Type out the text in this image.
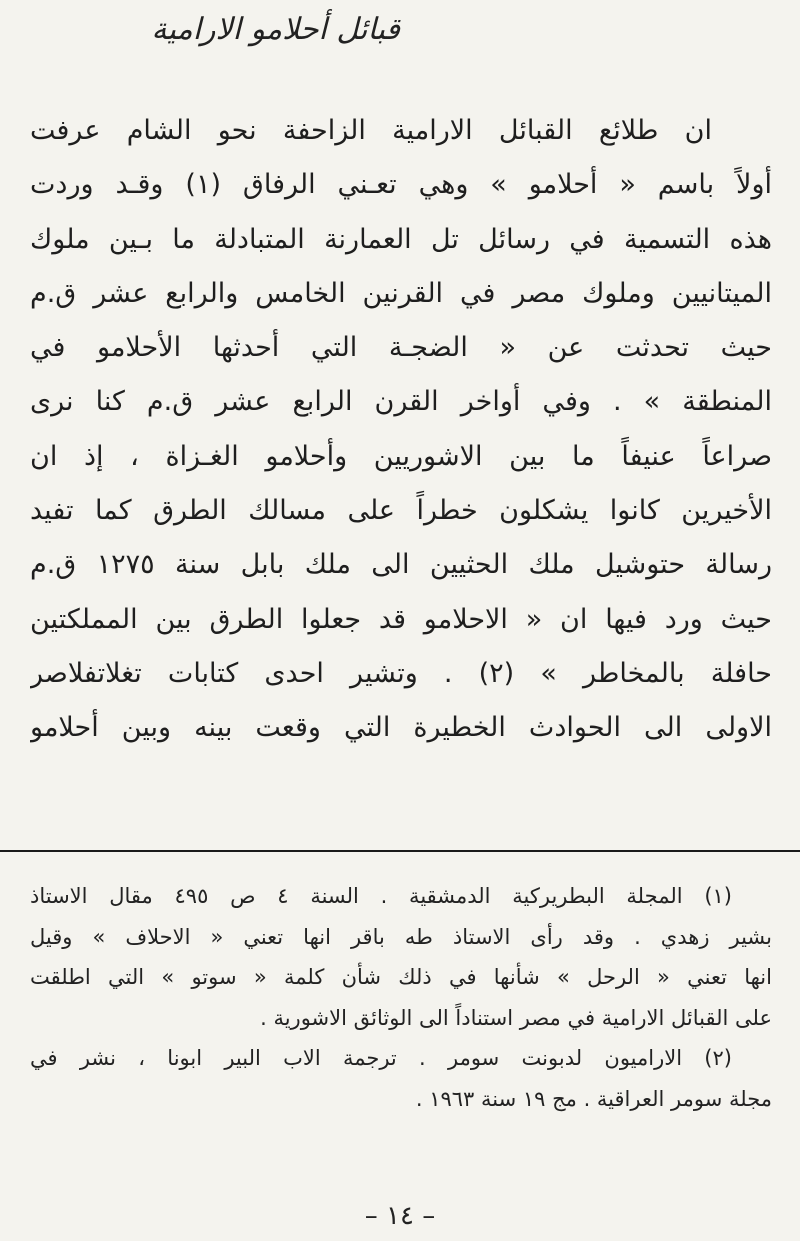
قبائل أحلامو الارامية
ان طلائع القبائل الارامية الزاحفة نحو الشام عرفت
أولاً باسم « أحلامو » وهي تعـني الرفاق (١) وقـد وردت
هذه التسمية في رسائل تل العمارنة المتبادلة ما بـين ملوك
الميتانيين وملوك مصر في القرنين الخامس والرابع عشر ق.م
حيث تحدثت عن « الضجـة التي أحدثها الأحلامو في
المنطقة » . وفي أواخر القرن الرابع عشر ق.م كنا نرى
صراعاً عنيفاً ما بين الاشوريين وأحلامو الغـزاة ، إذ ان
الأخيرين كانوا يشكلون خطراً على مسالك الطرق كما تفيد
رسالة حتوشيل ملك الحثيين الى ملك بابل سنة ١٢٧٥ ق.م
حيث ورد فيها ان « الاحلامو قد جعلوا الطرق بين المملكتين
حافلة بالمخاطر » (٢) . وتشير احدى كتابات تغلاتفلاصر
الاولى الى الحوادث الخطيرة التي وقعت بينه وبين أحلامو
(١) المجلة البطريركية الدمشقية . السنة ٤ ص ٤٩٥ مقال الاستاذ
بشير زهدي . وقد رأى الاستاذ طه باقر انها تعني « الاحلاف » وقيل
انها تعني « الرحل » شأنها في ذلك شأن كلمة « سوتو » التي اطلقت
على القبائل الارامية في مصر استناداً الى الوثائق الاشورية .
(٢) الاراميون لدبونت سومر . ترجمة الاب البير ابونا ، نشر في
مجلة سومر العراقية . مج ١٩ سنة ١٩٦٣ .
– ١٤ –
